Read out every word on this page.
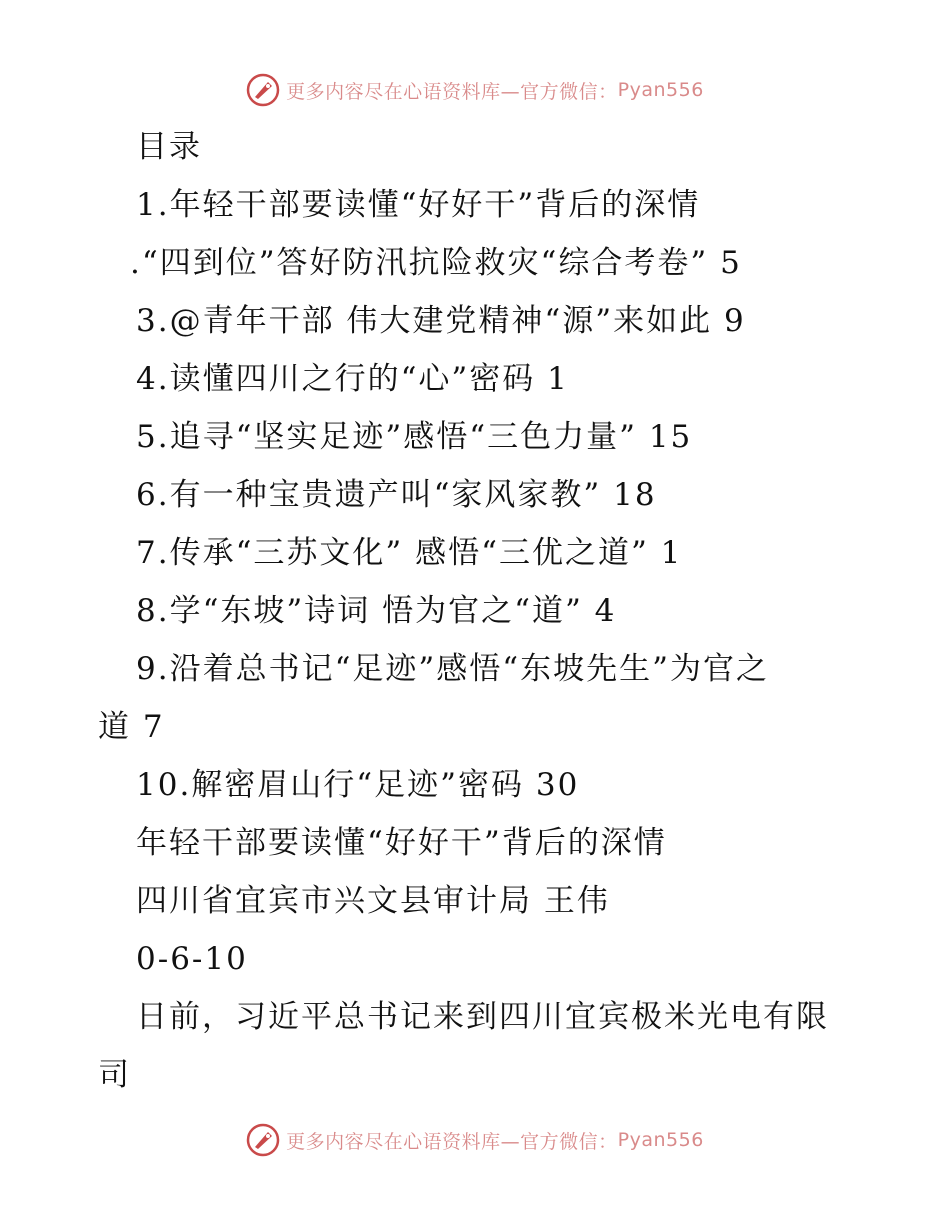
更多内容尽在心语资料库—官方微信： Pyan556
目录
1.年轻干部要读懂“好好干”背后的深情
.“四到位”答好防汛抗险救灾“综合考卷” 5
3.@青年干部 伟大建党精神“源”来如此 9
4.读懂四川之行的“心”密码 1
5.追寻“坚实足迹”感悟“三色力量” 15
6.有一种宝贵遗产叫“家风家教” 18
7.传承“三苏文化” 感悟“三优之道” 1
8.学“东坡”诗词 悟为官之“道” 4
9.沿着总书记“足迹”感悟“东坡先生”为官之
道 7
10.解密眉山行“足迹”密码 30
年轻干部要读懂“好好干”背后的深情
四川省宜宾市兴文县审计局 王伟
0-6-10
日前，习近平总书记来到四川宜宾极米光电有限
司
更多内容尽在心语资料库—官方微信： Pyan556
